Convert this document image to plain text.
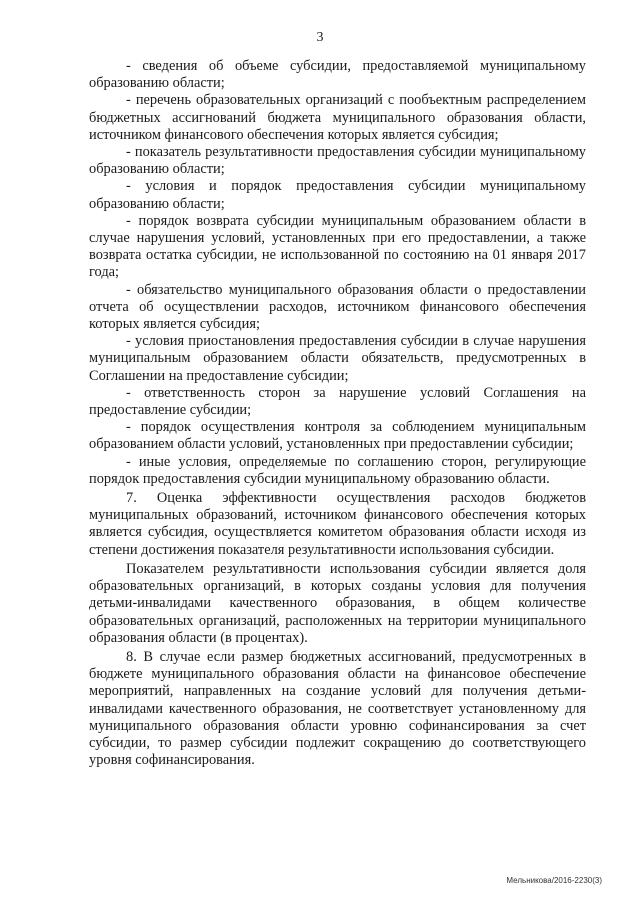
3

- сведения об объеме субсидии, предоставляемой муниципальному образованию области;

- перечень образовательных организаций с пообъектным распределением бюджетных ассигнований бюджета муниципального образования области, источником финансового обеспечения которых является субсидия;

- показатель результативности предоставления субсидии муниципальному образованию области;

- условия и порядок предоставления субсидии муниципальному образованию области;

- порядок возврата субсидии муниципальным образованием области в случае нарушения условий, установленных при его предоставлении, а также возврата остатка субсидии, не использованной по состоянию на 01 января 2017 года;

- обязательство муниципального образования области о предоставлении отчета об осуществлении расходов, источником финансового обеспечения которых является субсидия;

- условия приостановления предоставления субсидии в случае нарушения муниципальным образованием области обязательств, предусмотренных в Соглашении на предоставление субсидии;

- ответственность сторон за нарушение условий Соглашения на предоставление субсидии;

- порядок осуществления контроля за соблюдением муниципальным образованием области условий, установленных при предоставлении субсидии;

- иные условия, определяемые по соглашению сторон, регулирующие порядок предоставления субсидии муниципальному образованию области.

7. Оценка эффективности осуществления расходов бюджетов муниципальных образований, источником финансового обеспечения которых является субсидия, осуществляется комитетом образования области исходя из степени достижения показателя результативности использования субсидии.

Показателем результативности использования субсидии является доля образовательных организаций, в которых созданы условия для получения детьми-инвалидами качественного образования, в общем количестве образовательных организаций, расположенных на территории муниципального образования области (в процентах).

8. В случае если размер бюджетных ассигнований, предусмотренных в бюджете муниципального образования области на финансовое обеспечение мероприятий, направленных на создание условий для получения детьми-инвалидами качественного образования, не соответствует установленному для муниципального образования области уровню софинансирования за счет субсидии, то размер субсидии подлежит сокращению до соответствующего уровня софинансирования.

Мельникова/2016-2230(3)
